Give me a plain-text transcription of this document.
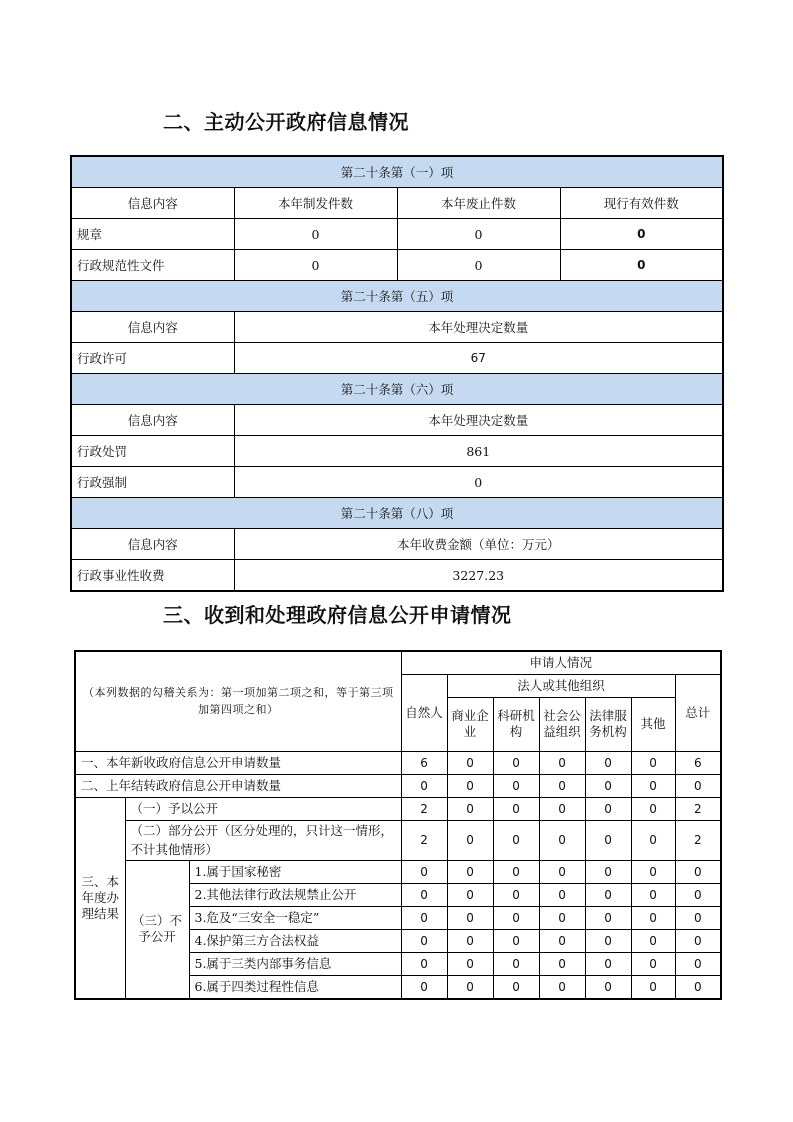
二、主动公开政府信息情况
第二十条第（一）项			
信息内容	本年制发件数	本年废止件数	现行有效件数
规章	0	0	0
行政规范性文件	0	0	0
第二十条第（五）项			
信息内容	本年处理决定数量		
行政许可	67		
第二十条第（六）项			
信息内容	本年处理决定数量		
行政处罚	861		
行政强制	0		
第二十条第（八）项			
信息内容	本年收费金额（单位：万元）		
行政事业性收费	3227.23		
三、收到和处理政府信息公开申请情况
（本列数据的勾稽关系为：第一项加第二项之和，等于第三项加第四项之和）			申请人情况						
			自然人	法人或其他组织					总计
				商业企业	科研机构	社会公益组织	法律服务机构	其他	
一、本年新收政府信息公开申请数量			6	0	0	0	0	0	6
二、上年结转政府信息公开申请数量			0	0	0	0	0	0	0
三、本年度办理结果	（一）予以公开		2	0	0	0	0	0	2
	（二）部分公开（区分处理的，只计这一情形，不计其他情形）		2	0	0	0	0	0	2
	（三）不予公开	1.属于国家秘密	0	0	0	0	0	0	0
		2.其他法律行政法规禁止公开	0	0	0	0	0	0	0
		3.危及“三安全一稳定”	0	0	0	0	0	0	0
		4.保护第三方合法权益	0	0	0	0	0	0	0
		5.属于三类内部事务信息	0	0	0	0	0	0	0
		6.属于四类过程性信息	0	0	0	0	0	0	0
